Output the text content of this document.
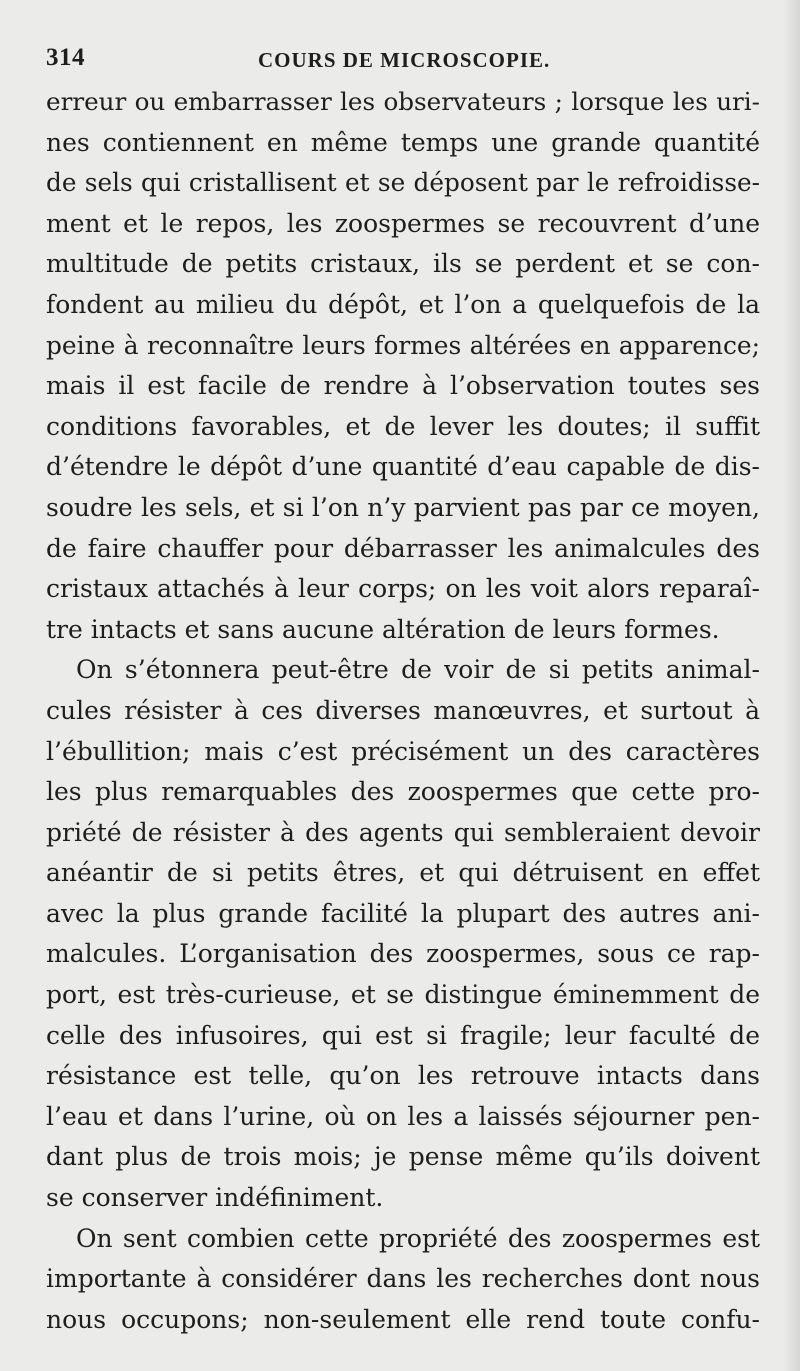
314	COURS DE MICROSCOPIE.
erreur ou embarrasser les observateurs ; lorsque les uri-
nes contiennent en même temps une grande quantité
de sels qui cristallisent et se déposent par le refroidisse-
ment et le repos, les zoospermes se recouvrent d’une
multitude de petits cristaux, ils se perdent et se con-
fondent au milieu du dépôt, et l’on a quelquefois de la
peine à reconnaître leurs formes altérées en apparence;
mais il est facile de rendre à l’observation toutes ses
conditions favorables, et de lever les doutes; il suffit
d’étendre le dépôt d’une quantité d’eau capable de dis-
soudre les sels, et si l’on n’y parvient pas par ce moyen,
de faire chauffer pour débarrasser les animalcules des
cristaux attachés à leur corps; on les voit alors reparaî-
tre intacts et sans aucune altération de leurs formes.
On s’étonnera peut-être de voir de si petits animal-
cules résister à ces diverses manœuvres, et surtout à
l’ébullition; mais c’est précisément un des caractères
les plus remarquables des zoospermes que cette pro-
priété de résister à des agents qui sembleraient devoir
anéantir de si petits êtres, et qui détruisent en effet
avec la plus grande facilité la plupart des autres ani-
malcules. L’organisation des zoospermes, sous ce rap-
port, est très-curieuse, et se distingue éminemment de
celle des infusoires, qui est si fragile; leur faculté de
résistance est telle, qu’on les retrouve intacts dans
l’eau et dans l’urine, où on les a laissés séjourner pen-
dant plus de trois mois; je pense même qu’ils doivent
se conserver indéfiniment.
On sent combien cette propriété des zoospermes est
importante à considérer dans les recherches dont nous
nous occupons; non-seulement elle rend toute confu-
